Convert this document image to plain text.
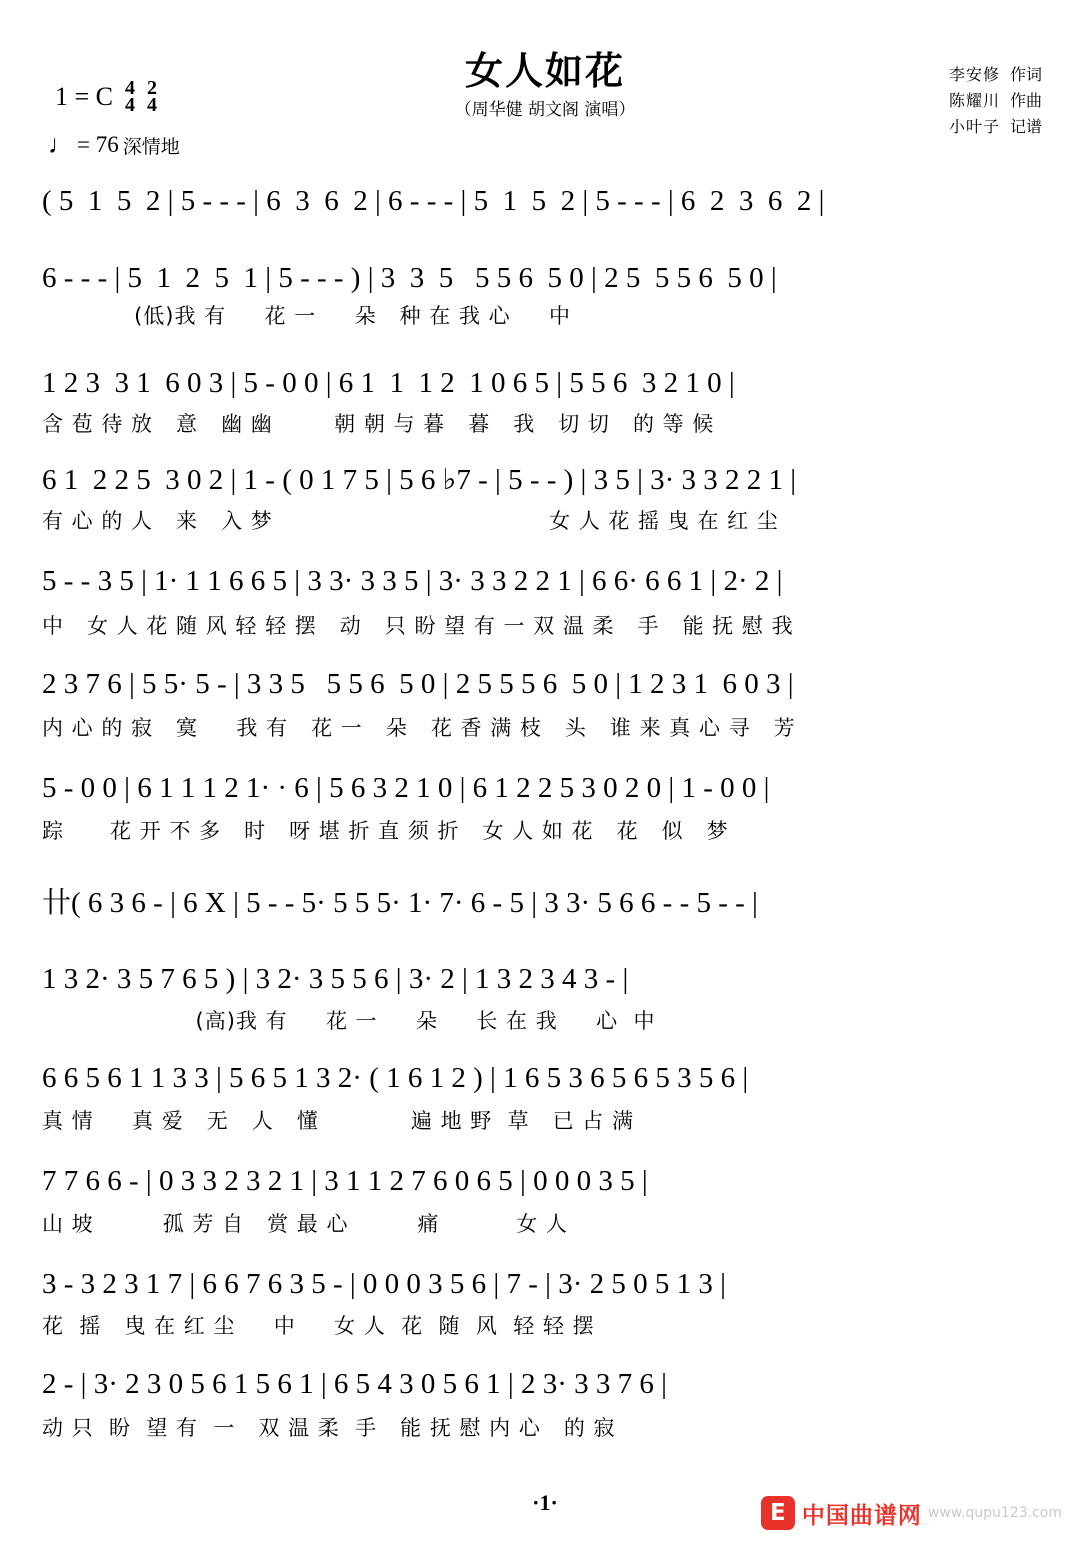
女人如花
（周华健 胡文阁 演唱）
1 = C 4
4
2
4
♩ = 76 深情地
李安修 作词
陈耀川 作曲
小叶子 记谱
( 5  1  5  2 | 5 - - - | 6  3  6  2 | 6 - - - | 5  1  5  2 | 5 - - - | 6  2  3  6  2 |
6 - - - | 5  1  2  5  1 | 5 - - - ) | 3  3  5   5 5 6  5 0 | 2 5  5 5 6  5 0 |
(低)我 有     花 一     朵   种 在 我 心     中
1 2 3  3 1  6 0 3 | 5 - 0 0 | 6 1  1  1 2  1 0 6 5 | 5 5 6  3 2 1 0 |
含 苞 待 放   意   幽 幽        朝 朝 与 暮   暮   我   切 切   的 等 候
6 1  2 2 5  3 0 2 | 1 - ( 0 1 7 5 | 5 6 ♭7 - | 5 - - ) | 3 5 | 3· 3 3 2 2 1 |
有 心 的 人   来   入 梦                                    女 人 花 摇 曳 在 红 尘
5 - - 3 5 | 1· 1 1 6 6 5 | 3 3· 3 3 5 | 3· 3 3 2 2 1 | 6 6· 6 6 1 | 2· 2 |
中   女 人 花 随 风 轻 轻 摆   动   只 盼 望 有 一 双 温 柔   手   能 抚 慰 我
2 3 7 6 | 5 5· 5 - | 3 3 5   5 5 6  5 0 | 2 5 5 5 6  5 0 | 1 2 3 1  6 0 3 |
内 心 的 寂   寞     我 有   花 一   朵   花 香 满 枝   头   谁 来 真 心 寻   芳
5 - 0 0 | 6 1 1 1 2 1· · 6 | 5 6 3 2 1 0 | 6 1 2 2 5 3 0 2 0 | 1 - 0 0 |
踪      花 开 不 多   时   呀 堪 折 直 须 折   女 人 如 花   花   似   梦
卄( 6 3 6 - | 6 X | 5 - - 5· 5 5 5· 1· 7· 6 - 5 | 3 3· 5 6 6 - - 5 - - |
1 3 2· 3 5 7 6 5 ) | 3 2· 3 5 5 6 | 3· 2 | 1 3 2 3 4 3 - |
(高)我 有     花 一     朵     长 在 我     心  中
6 6 5 6 1 1 3 3 | 5 6 5 1 3 2· ( 1 6 1 2 ) | 1 6 5 3 6 5 6 5 3 5 6 |
真 情     真 爱   无   人   懂            遍 地 野  草   已 占 满
7 7 6 6 - | 0 3 3 2 3 2 1 | 3 1 1 2 7 6 0 6 5 | 0 0 0 3 5 |
山 坡         孤 芳 自   赏 最 心         痛          女 人
3 - 3 2 3 1 7 | 6 6 7 6 3 5 - | 0 0 0 3 5 6 | 7 - | 3· 2 5 0 5 1 3 |
花  摇   曳 在 红 尘     中     女 人  花  随  风  轻 轻 摆
2 - | 3· 2 3 0 5 6 1 5 6 1 | 6 5 4 3 0 5 6 1 | 2 3· 3 3 7 6 |
动 只  盼  望 有  一   双 温 柔  手   能 抚 慰 内 心   的 寂
·1·	E 中国曲谱网 www.qupu123.com
